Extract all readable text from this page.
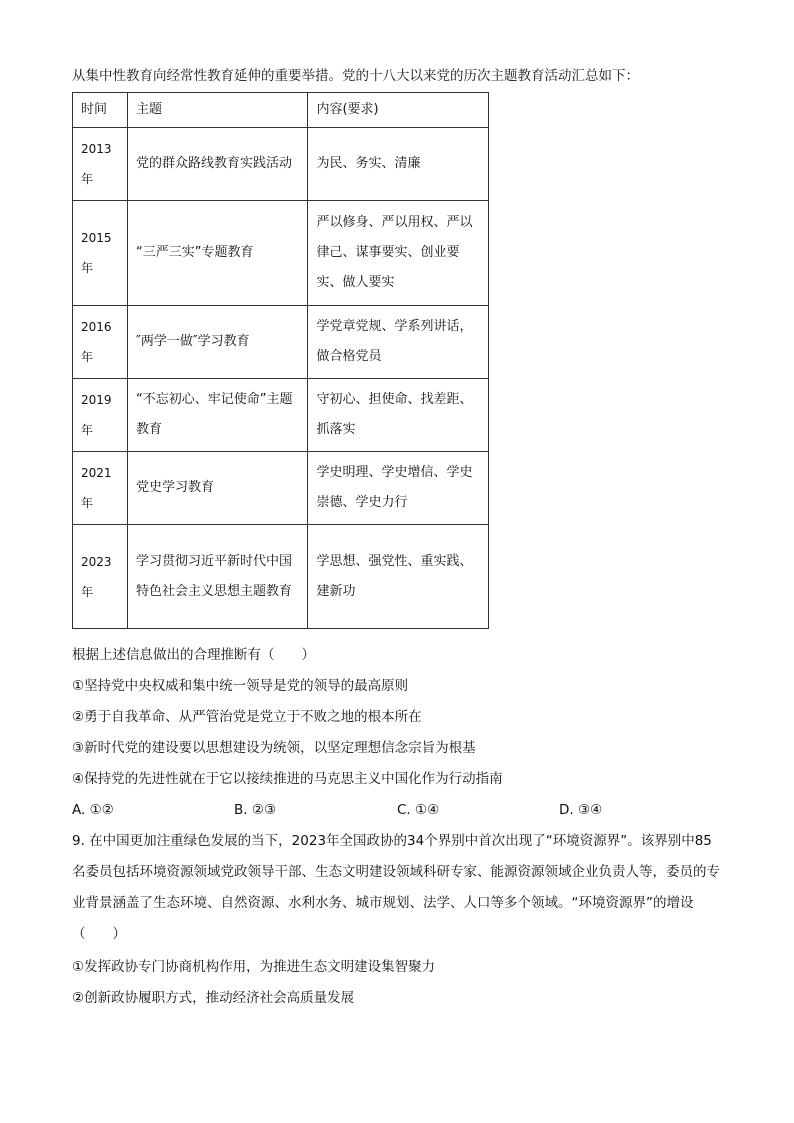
从集中性教育向经常性教育延伸的重要举措。党的十八大以来党的历次主题教育活动汇总如下：
时间	主题	内容(要求)
2013
年	党的群众路线教育实践活动	为民、务实、清廉
2015
年	“三严三实”专题教育	严以修身、严以用权、严以律己、谋事要实、创业要实、做人要实
2016
年	″两学一做″学习教育	学党章党规、学系列讲话，做合格党员
2019
年	“不忘初心、牢记使命”主题教育	守初心、担使命、找差距、抓落实
2021
年	党史学习教育	学史明理、学史增信、学史崇德、学史力行
2023
年	学习贯彻习近平新时代中国特色社会主义思想主题教育	学思想、强党性、重实践、建新功
根据上述信息做出的合理推断有（　　）
①坚持党中央权威和集中统一领导是党的领导的最高原则
②勇于自我革命、从严管治党是党立于不败之地的根本所在
③新时代党的建设要以思想建设为统领，以坚定理想信念宗旨为根基
④保持党的先进性就在于它以接续推进的马克思主义中国化作为行动指南
A. ①②	B. ②③	C. ①④	D. ③④
9. 在中国更加注重绿色发展的当下，2023年全国政协的34个界别中首次出现了“环境资源界”。该界别中85名委员包括环境资源领域党政领导干部、生态文明建设领域科研专家、能源资源领域企业负责人等，委员的专业背景涵盖了生态环境、自然资源、水利水务、城市规划、法学、人口等多个领域。“环境资源界”的增设（　　）
①发挥政协专门协商机构作用，为推进生态文明建设集智聚力
②创新政协履职方式，推动经济社会高质量发展
